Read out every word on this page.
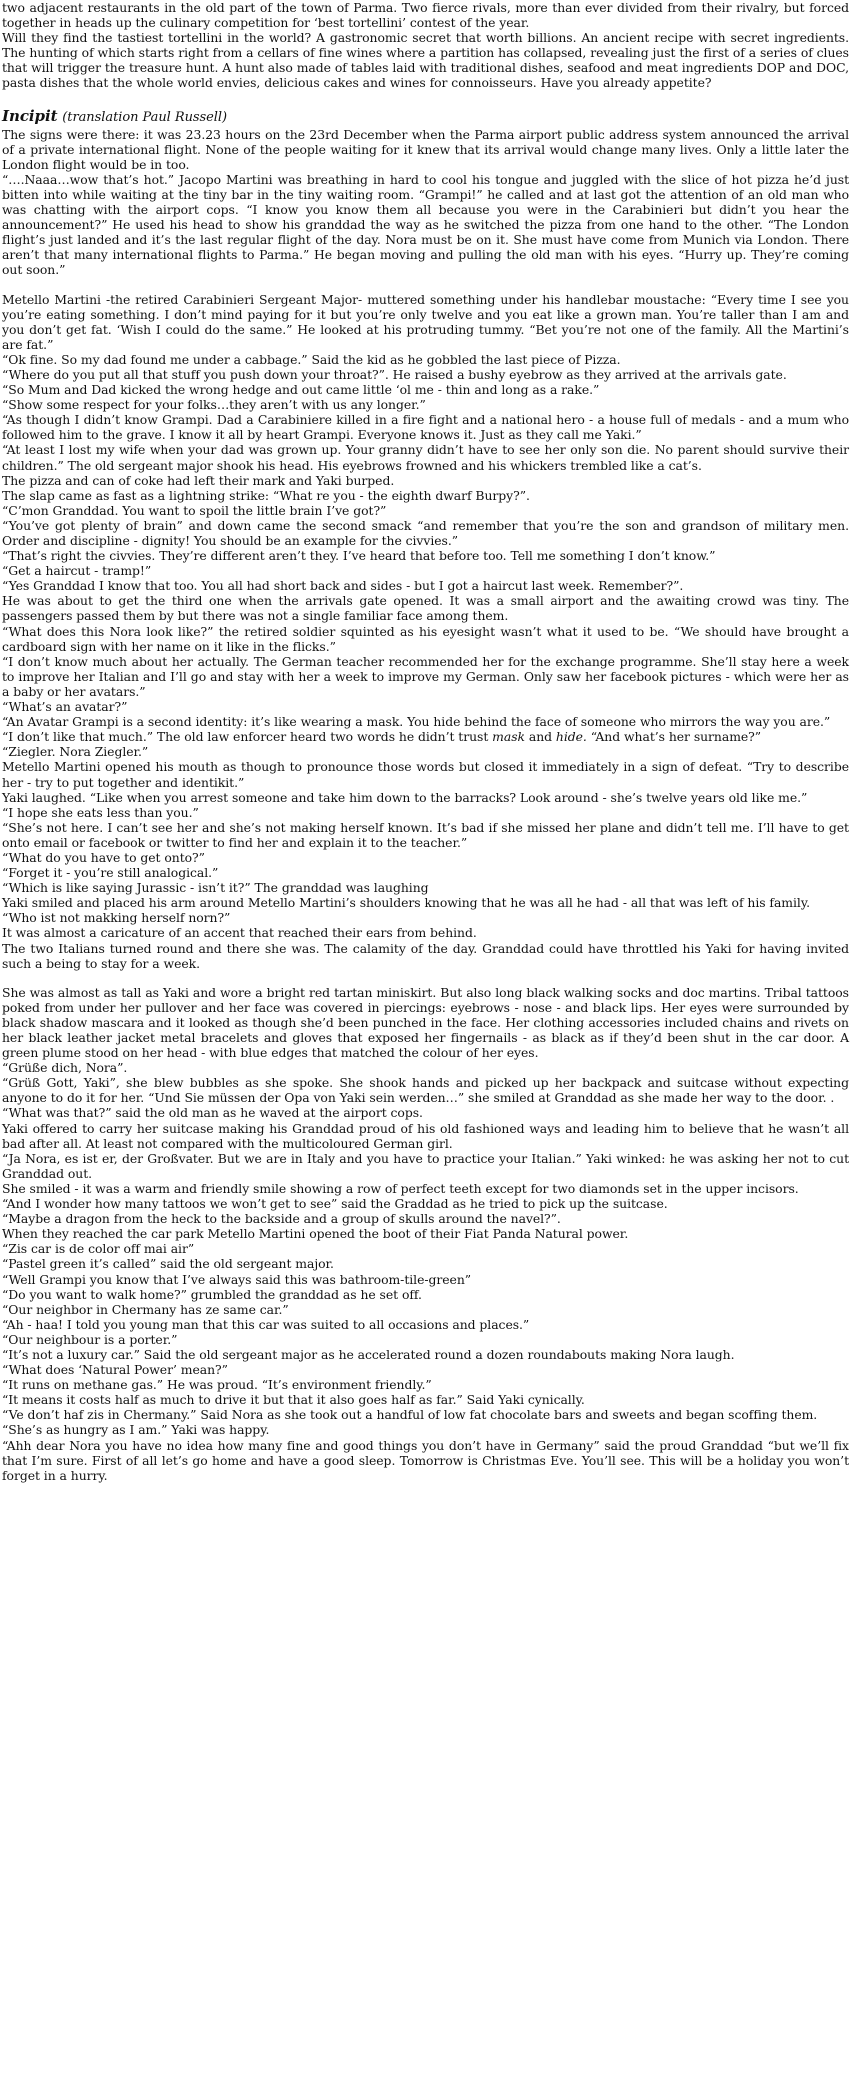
two adjacent restaurants in the old part of the town of Parma. Two fierce rivals, more than ever divided from their rivalry, but forced together in heads up the culinary competition for ‘best tortellini’ contest of the year.

Will they find the tastiest tortellini in the world? A gastronomic secret that worth billions. An ancient recipe with secret ingredients. The hunting of which starts right from a cellars of fine wines where a partition has collapsed, revealing just the first of a series of clues that will trigger the treasure hunt. A hunt also made of tables laid with traditional dishes, seafood and meat ingredients DOP and DOC, pasta dishes that the whole world envies, delicious cakes and wines for connoisseurs. Have you already appetite?

Incipit (translation Paul Russell)

The signs were there: it was 23.23 hours on the 23rd December when the Parma airport public address system announced the arrival of a private international flight. None of the people waiting for it knew that its arrival would change many lives. Only a little later the London flight would be in too.

“….Naaa…wow that’s hot.” Jacopo Martini was breathing in hard to cool his tongue and juggled with the slice of hot pizza he’d just bitten into while waiting at the tiny bar in the tiny waiting room. “Grampi!” he called and at last got the attention of an old man who was chatting with the airport cops. “I know you know them all because you were in the Carabinieri but didn’t you hear the announcement?” He used his head to show his granddad the way as he switched the pizza from one hand to the other. “The London flight’s just landed and it’s the last regular flight of the day. Nora must be on it. She must have come from Munich via London. There aren’t that many international flights to Parma.” He began moving and pulling the old man with his eyes. “Hurry up. They’re coming out soon.”

Metello Martini -the retired Carabinieri Sergeant Major- muttered something under his handlebar moustache: “Every time I see you you’re eating something. I don’t mind paying for it but you’re only twelve and you eat like a grown man. You’re taller than I am and you don’t get fat. ‘Wish I could do the same.” He looked at his protruding tummy. “Bet you’re not one of the family. All the Martini’s are fat.”

“Ok fine. So my dad found me under a cabbage.” Said the kid as he gobbled the last piece of Pizza.

“Where do you put all that stuff you push down your throat?”. He raised a bushy eyebrow as they arrived at the arrivals gate.

“So Mum and Dad kicked the wrong hedge and out came little ‘ol me - thin and long as a rake.”

“Show some respect for your folks…they aren’t with us any longer.”

“As though I didn’t know Grampi. Dad a Carabiniere killed in a fire fight and a national hero - a house full of medals - and a mum who followed him to the grave. I know it all by heart Grampi. Everyone knows it. Just as they call me Yaki.”

“At least I lost my wife when your dad was grown up. Your granny didn’t have to see her only son die. No parent should survive their children.” The old sergeant major shook his head. His eyebrows frowned and his whickers trembled like a cat’s.

The pizza and can of coke had left their mark and Yaki burped.

The slap came as fast as a lightning strike: “What re you - the eighth dwarf Burpy?”.

“C’mon Granddad. You want to spoil the little brain I’ve got?”

“You’ve got plenty of brain” and down came the second smack “and remember that you’re the son and grandson of military men. Order and discipline - dignity! You should be an example for the civvies.”

“That’s right the civvies. They’re different aren’t they. I’ve heard that before too. Tell me something I don’t know.”

“Get a haircut - tramp!”

“Yes Granddad I know that too. You all had short back and sides - but I got a haircut last week. Remember?”.

He was about to get the third one when the arrivals gate opened. It was a small airport and the awaiting crowd was tiny. The passengers passed them by but there was not a single familiar face among them.

“What does this Nora look like?” the retired soldier squinted as his eyesight wasn’t what it used to be. “We should have brought a cardboard sign with her name on it like in the flicks.”

“I don’t know much about her actually. The German teacher recommended her for the exchange programme. She’ll stay here a week to improve her Italian and I’ll go and stay with her a week to improve my German. Only saw her facebook pictures - which were her as a baby or her avatars.”

“What’s an avatar?”

“An Avatar Grampi is a second identity: it’s like wearing a mask. You hide behind the face of someone who mirrors the way you are.”

“I don’t like that much.” The old law enforcer heard two words he didn’t trust mask and hide. “And what’s her surname?”

“Ziegler. Nora Ziegler.”

Metello Martini opened his mouth as though to pronounce those words but closed it immediately in a sign of defeat. “Try to describe her - try to put together and identikit.”

Yaki laughed. “Like when you arrest someone and take him down to the barracks? Look around - she’s twelve years old like me.”

“I hope she eats less than you.”

“She’s not here. I can’t see her and she’s not making herself known. It’s bad if she missed her plane and didn’t tell me. I’ll have to get onto email or facebook or twitter to find her and explain it to the teacher.”

“What do you have to get onto?”

“Forget it - you’re still analogical.”

“Which is like saying Jurassic - isn’t it?” The granddad was laughing

Yaki smiled and placed his arm around Metello Martini’s shoulders knowing that he was all he had - all that was left of his family.

“Who ist not makking herself norn?”

It was almost a caricature of an accent that reached their ears from behind.

The two Italians turned round and there she was. The calamity of the day. Granddad could have throttled his Yaki for having invited such a being to stay for a week.

She was almost as tall as Yaki and wore a bright red tartan miniskirt. But also long black walking socks and doc martins. Tribal tattoos poked from under her pullover and her face was covered in piercings: eyebrows - nose - and black lips. Her eyes were surrounded by black shadow mascara and it looked as though she’d been punched in the face. Her clothing accessories included chains and rivets on her black leather jacket metal bracelets and gloves that exposed her fingernails - as black as if they’d been shut in the car door. A green plume stood on her head - with blue edges that matched the colour of her eyes.

“Grüße dich, Nora”.

“Grüß Gott, Yaki”, she blew bubbles as she spoke. She shook hands and picked up her backpack and suitcase without expecting anyone to do it for her. “Und Sie müssen der Opa von Yaki sein werden…” she smiled at Granddad as she made her way to the door. .

“What was that?” said the old man as he waved at the airport cops.

Yaki offered to carry her suitcase making his Granddad proud of his old fashioned ways and leading him to believe that he wasn’t all bad after all. At least not compared with the multicoloured German girl.

“Ja Nora, es ist er, der Großvater. But we are in Italy and you have to practice your Italian.” Yaki winked: he was asking her not to cut Granddad out.

She smiled - it was a warm and friendly smile showing a row of perfect teeth except for two diamonds set in the upper incisors.

“And I wonder how many tattoos we won’t get to see” said the Graddad as he tried to pick up the suitcase.

“Maybe a dragon from the heck to the backside and a group of skulls around the navel?”.

When they reached the car park Metello Martini opened the boot of their Fiat Panda Natural power.

“Zis car is de color off mai air”

“Pastel green it’s called” said the old sergeant major.

“Well Grampi you know that I’ve always said this was bathroom-tile-green”

“Do you want to walk home?” grumbled the granddad as he set off.

“Our neighbor in Chermany has ze same car.”

“Ah - haa! I told you young man that this car was suited to all occasions and places.”

“Our neighbour is a porter.”

“It’s not a luxury car.” Said the old sergeant major as he accelerated round a dozen roundabouts making Nora laugh.

“What does ‘Natural Power’ mean?”

“It runs on methane gas.” He was proud. “It’s environment friendly.”

“It means it costs half as much to drive it but that it also goes half as far.” Said Yaki cynically.

“Ve don’t haf zis in Chermany.” Said Nora as she took out a handful of low fat chocolate bars and sweets and began scoffing them.

“She’s as hungry as I am.” Yaki was happy.

“Ahh dear Nora you have no idea how many fine and good things you don’t have in Germany” said the proud Granddad “but we’ll fix that I’m sure. First of all let’s go home and have a good sleep. Tomorrow is Christmas Eve. You’ll see. This will be a holiday you won’t forget in a hurry.
